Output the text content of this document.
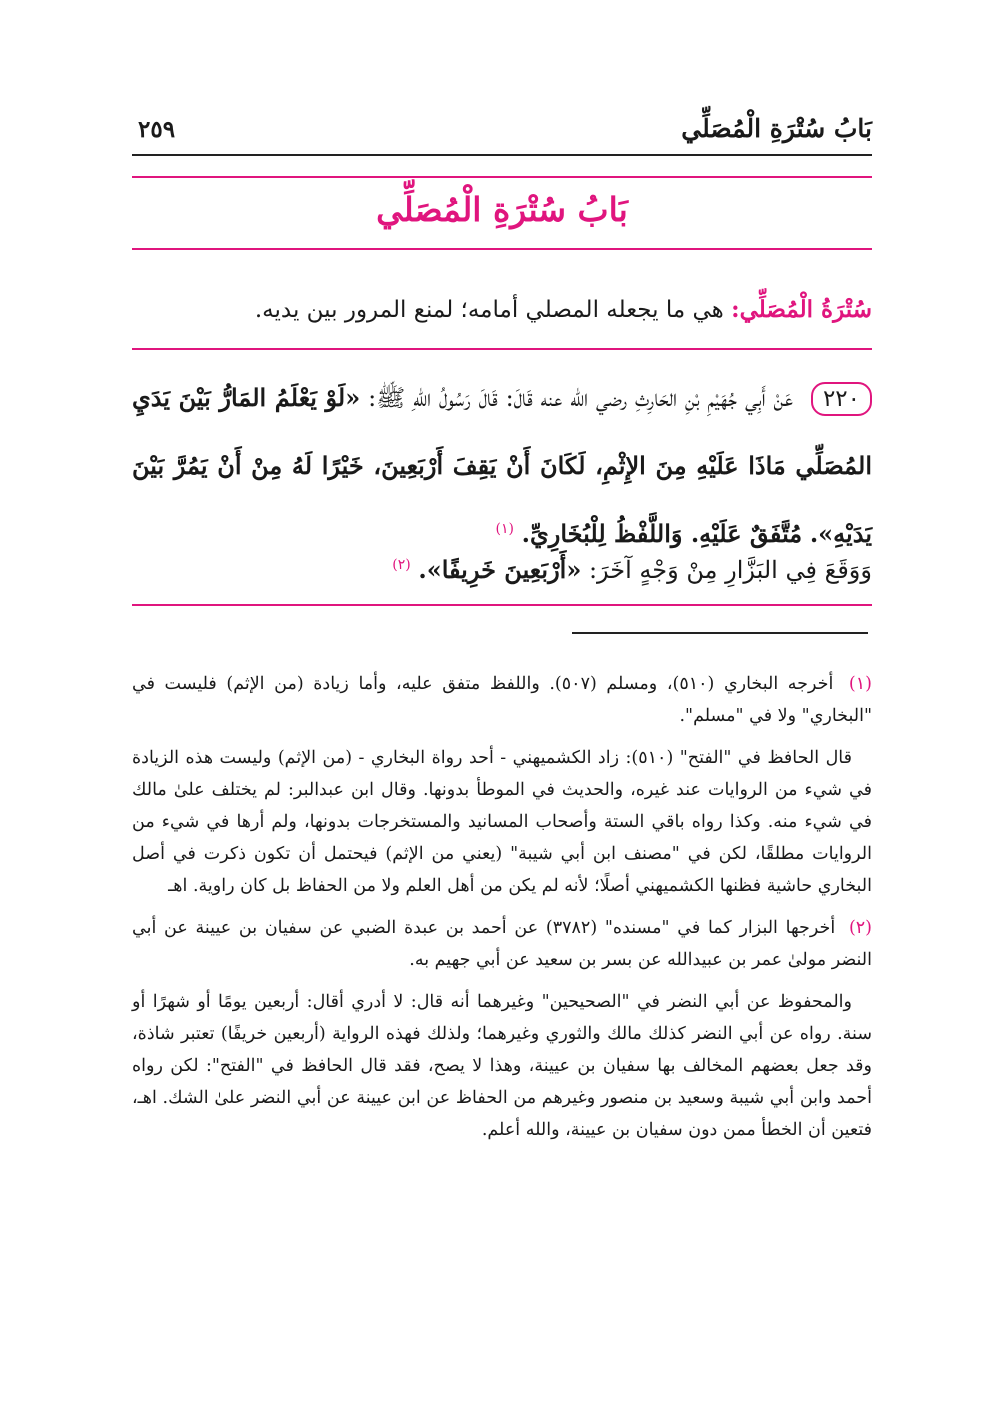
بَابُ سُتْرَةِ الْمُصَلِّي
٢٥٩
بَابُ سُتْرَةِ الْمُصَلِّي

سُتْرَةُ الْمُصَلِّي: هي ما يجعله المصلي أمامه؛ لمنع المرور بين يديه.

٢٢٠ عَنْ أَبِي جُهَيْمِ بْنِ الحَارِثِ رضي الله عنه قَالَ: قَالَ رَسُولُ اللهِ ﷺ: «لَوْ يَعْلَمُ المَارُّ بَيْنَ يَدَيِ المُصَلِّي مَاذَا عَلَيْهِ مِنَ الإِثْمِ، لَكَانَ أَنْ يَقِفَ أَرْبَعِينَ، خَيْرًا لَهُ مِنْ أَنْ يَمُرَّ بَيْنَ يَدَيْهِ». مُتَّفَقٌ عَلَيْهِ. وَاللَّفْظُ لِلْبُخَارِيِّ. $^{(١)}$

وَوَقَعَ فِي البَزَّارِ مِنْ وَجْهٍ آخَرَ: «أَرْبَعِينَ خَرِيفًا». $^{(٢)}$

(١) أخرجه البخاري (٥١٠)، ومسلم (٥٠٧). واللفظ متفق عليه، وأما زيادة (من الإثم) فليست في "البخاري" ولا في "مسلم".

قال الحافظ في "الفتح" (٥١٠): زاد الكشميهني - أحد رواة البخاري - (من الإثم) وليست هذه الزيادة في شيء من الروايات عند غيره، والحديث في الموطأ بدونها. وقال ابن عبدالبر: لم يختلف علىٰ مالك في شيء منه. وكذا رواه باقي الستة وأصحاب المسانيد والمستخرجات بدونها، ولم أرها في شيء من الروايات مطلقًا، لكن في "مصنف ابن أبي شيبة" (يعني من الإثم) فيحتمل أن تكون ذكرت في أصل البخاري حاشية فظنها الكشميهني أصلًا؛ لأنه لم يكن من أهل العلم ولا من الحفاظ بل كان راوية. اهـ

(٢) أخرجها البزار كما في "مسنده" (٣٧٨٢) عن أحمد بن عبدة الضبي عن سفيان بن عيينة عن أبي النضر مولىٰ عمر بن عبيدالله عن بسر بن سعيد عن أبي جهيم به.

والمحفوظ عن أبي النضر في "الصحيحين" وغيرهما أنه قال: لا أدري أقال: أربعين يومًا أو شهرًا أو سنة. رواه عن أبي النضر كذلك مالك والثوري وغيرهما؛ ولذلك فهذه الرواية (أربعين خريفًا) تعتبر شاذة، وقد جعل بعضهم المخالف بها سفيان بن عيينة، وهذا لا يصح، فقد قال الحافظ في "الفتح": لكن رواه أحمد وابن أبي شيبة وسعيد بن منصور وغيرهم من الحفاظ عن ابن عيينة عن أبي النضر علىٰ الشك. اهـ، فتعين أن الخطأ ممن دون سفيان بن عيينة، والله أعلم.
